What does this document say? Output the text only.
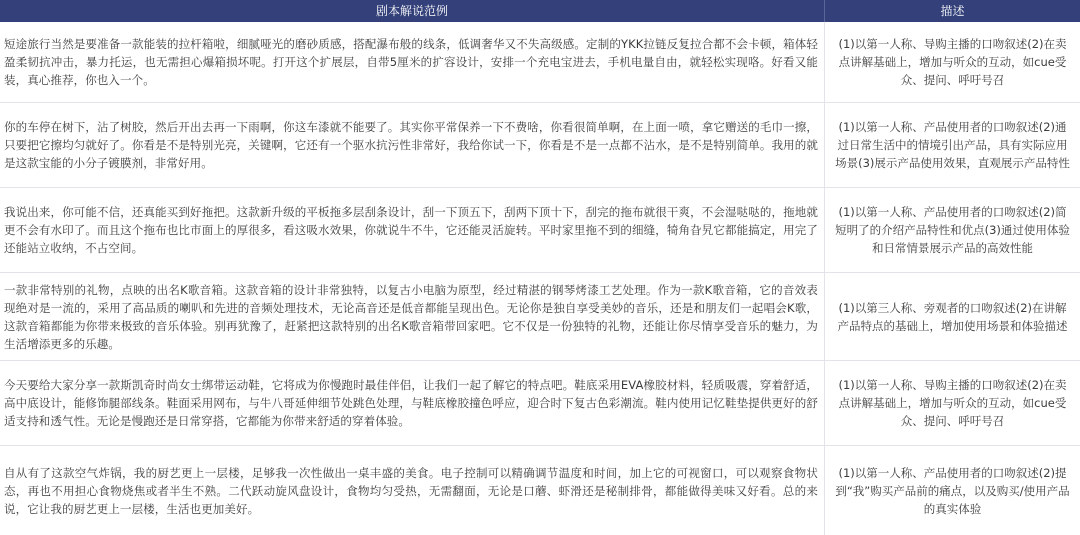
剧本解说范例	描述
短途旅行当然是要准备一款能装的拉杆箱啦，细腻哑光的磨砂质感，搭配瀑布般的线条，低调奢华又不失高级感。定制的YKK拉链反复拉合都不会卡顿，箱体轻盈柔韧抗冲击，暴力托运，也无需担心爆箱损坏呢。打开这个扩展层，自带5厘米的扩容设计，安排一个充电宝进去，手机电量自由，就轻松实现咯。好看又能装，真心推荐，你也入一个。
(1)以第一人称、导购主播的口吻叙述(2)在卖点讲解基础上，增加与听众的互动，如cue受众、提问、呼吁号召
你的车停在树下，沾了树胶，然后开出去再一下雨啊，你这车漆就不能要了。其实你平常保养一下不费啥，你看很简单啊，在上面一喷，拿它赠送的毛巾一擦，只要把它擦均匀就好了。你看是不是特别光亮，关键啊，它还有一个驱水抗污性非常好，我给你试一下，你看是不是一点都不沾水，是不是特别简单。我用的就是这款宝能的小分子镀膜剂，非常好用。
(1)以第一人称、产品使用者的口吻叙述(2)通过日常生活中的情境引出产品，具有实际应用场景(3)展示产品使用效果，直观展示产品特性
我说出来，你可能不信，还真能买到好拖把。这款新升级的平板拖多层刮条设计，刮一下顶五下，刮两下顶十下，刮完的拖布就很干爽，不会湿哒哒的，拖地就更不会有水印了。而且这个拖布也比市面上的厚很多，看这吸水效果，你就说牛不牛，它还能灵活旋转。平时家里拖不到的细缝，犄角旮旯它都能搞定，用完了还能站立收纳，不占空间。
(1)以第一人称、产品使用者的口吻叙述(2)简短明了的介绍产品特性和优点(3)通过使用体验和日常情景展示产品的高效性能
一款非常特别的礼物，点映的出名K歌音箱。这款音箱的设计非常独特，以复古小电脑为原型，经过精湛的钢琴烤漆工艺处理。作为一款K歌音箱，它的音效表现绝对是一流的，采用了高品质的喇叭和先进的音频处理技术，无论高音还是低音都能呈现出色。无论你是独自享受美妙的音乐，还是和朋友们一起唱会K歌，这款音箱都能为你带来极致的音乐体验。别再犹豫了，赶紧把这款特别的出名K歌音箱带回家吧。它不仅是一份独特的礼物，还能让你尽情享受音乐的魅力，为生活增添更多的乐趣。
(1)以第三人称、旁观者的口吻叙述(2)在讲解产品特点的基础上，增加使用场景和体验描述
今天要给大家分享一款斯凯奇时尚女士绑带运动鞋，它将成为你慢跑时最佳伴侣，让我们一起了解它的特点吧。鞋底采用EVA橡胶材料，轻质吸震，穿着舒适，高中底设计，能修饰腿部线条。鞋面采用网布，与牛八哥延伸细节处跳色处理，与鞋底橡胶撞色呼应，迎合时下复古色彩潮流。鞋内使用记忆鞋垫提供更好的舒适支持和透气性。无论是慢跑还是日常穿搭，它都能为你带来舒适的穿着体验。
(1)以第一人称、导购主播的口吻叙述(2)在卖点讲解基础上，增加与听众的互动，如cue受众、提问、呼吁号召
自从有了这款空气炸锅，我的厨艺更上一层楼，足够我一次性做出一桌丰盛的美食。电子控制可以精确调节温度和时间，加上它的可视窗口，可以观察食物状态，再也不用担心食物烧焦或者半生不熟。二代跃动旋风盘设计，食物均匀受热，无需翻面，无论是口蘑、虾滑还是秘制排骨，都能做得美味又好看。总的来说，它让我的厨艺更上一层楼，生活也更加美好。
(1)以第一人称、产品使用者的口吻叙述(2)提到“我”购买产品前的痛点，以及购买/使用产品的真实体验
